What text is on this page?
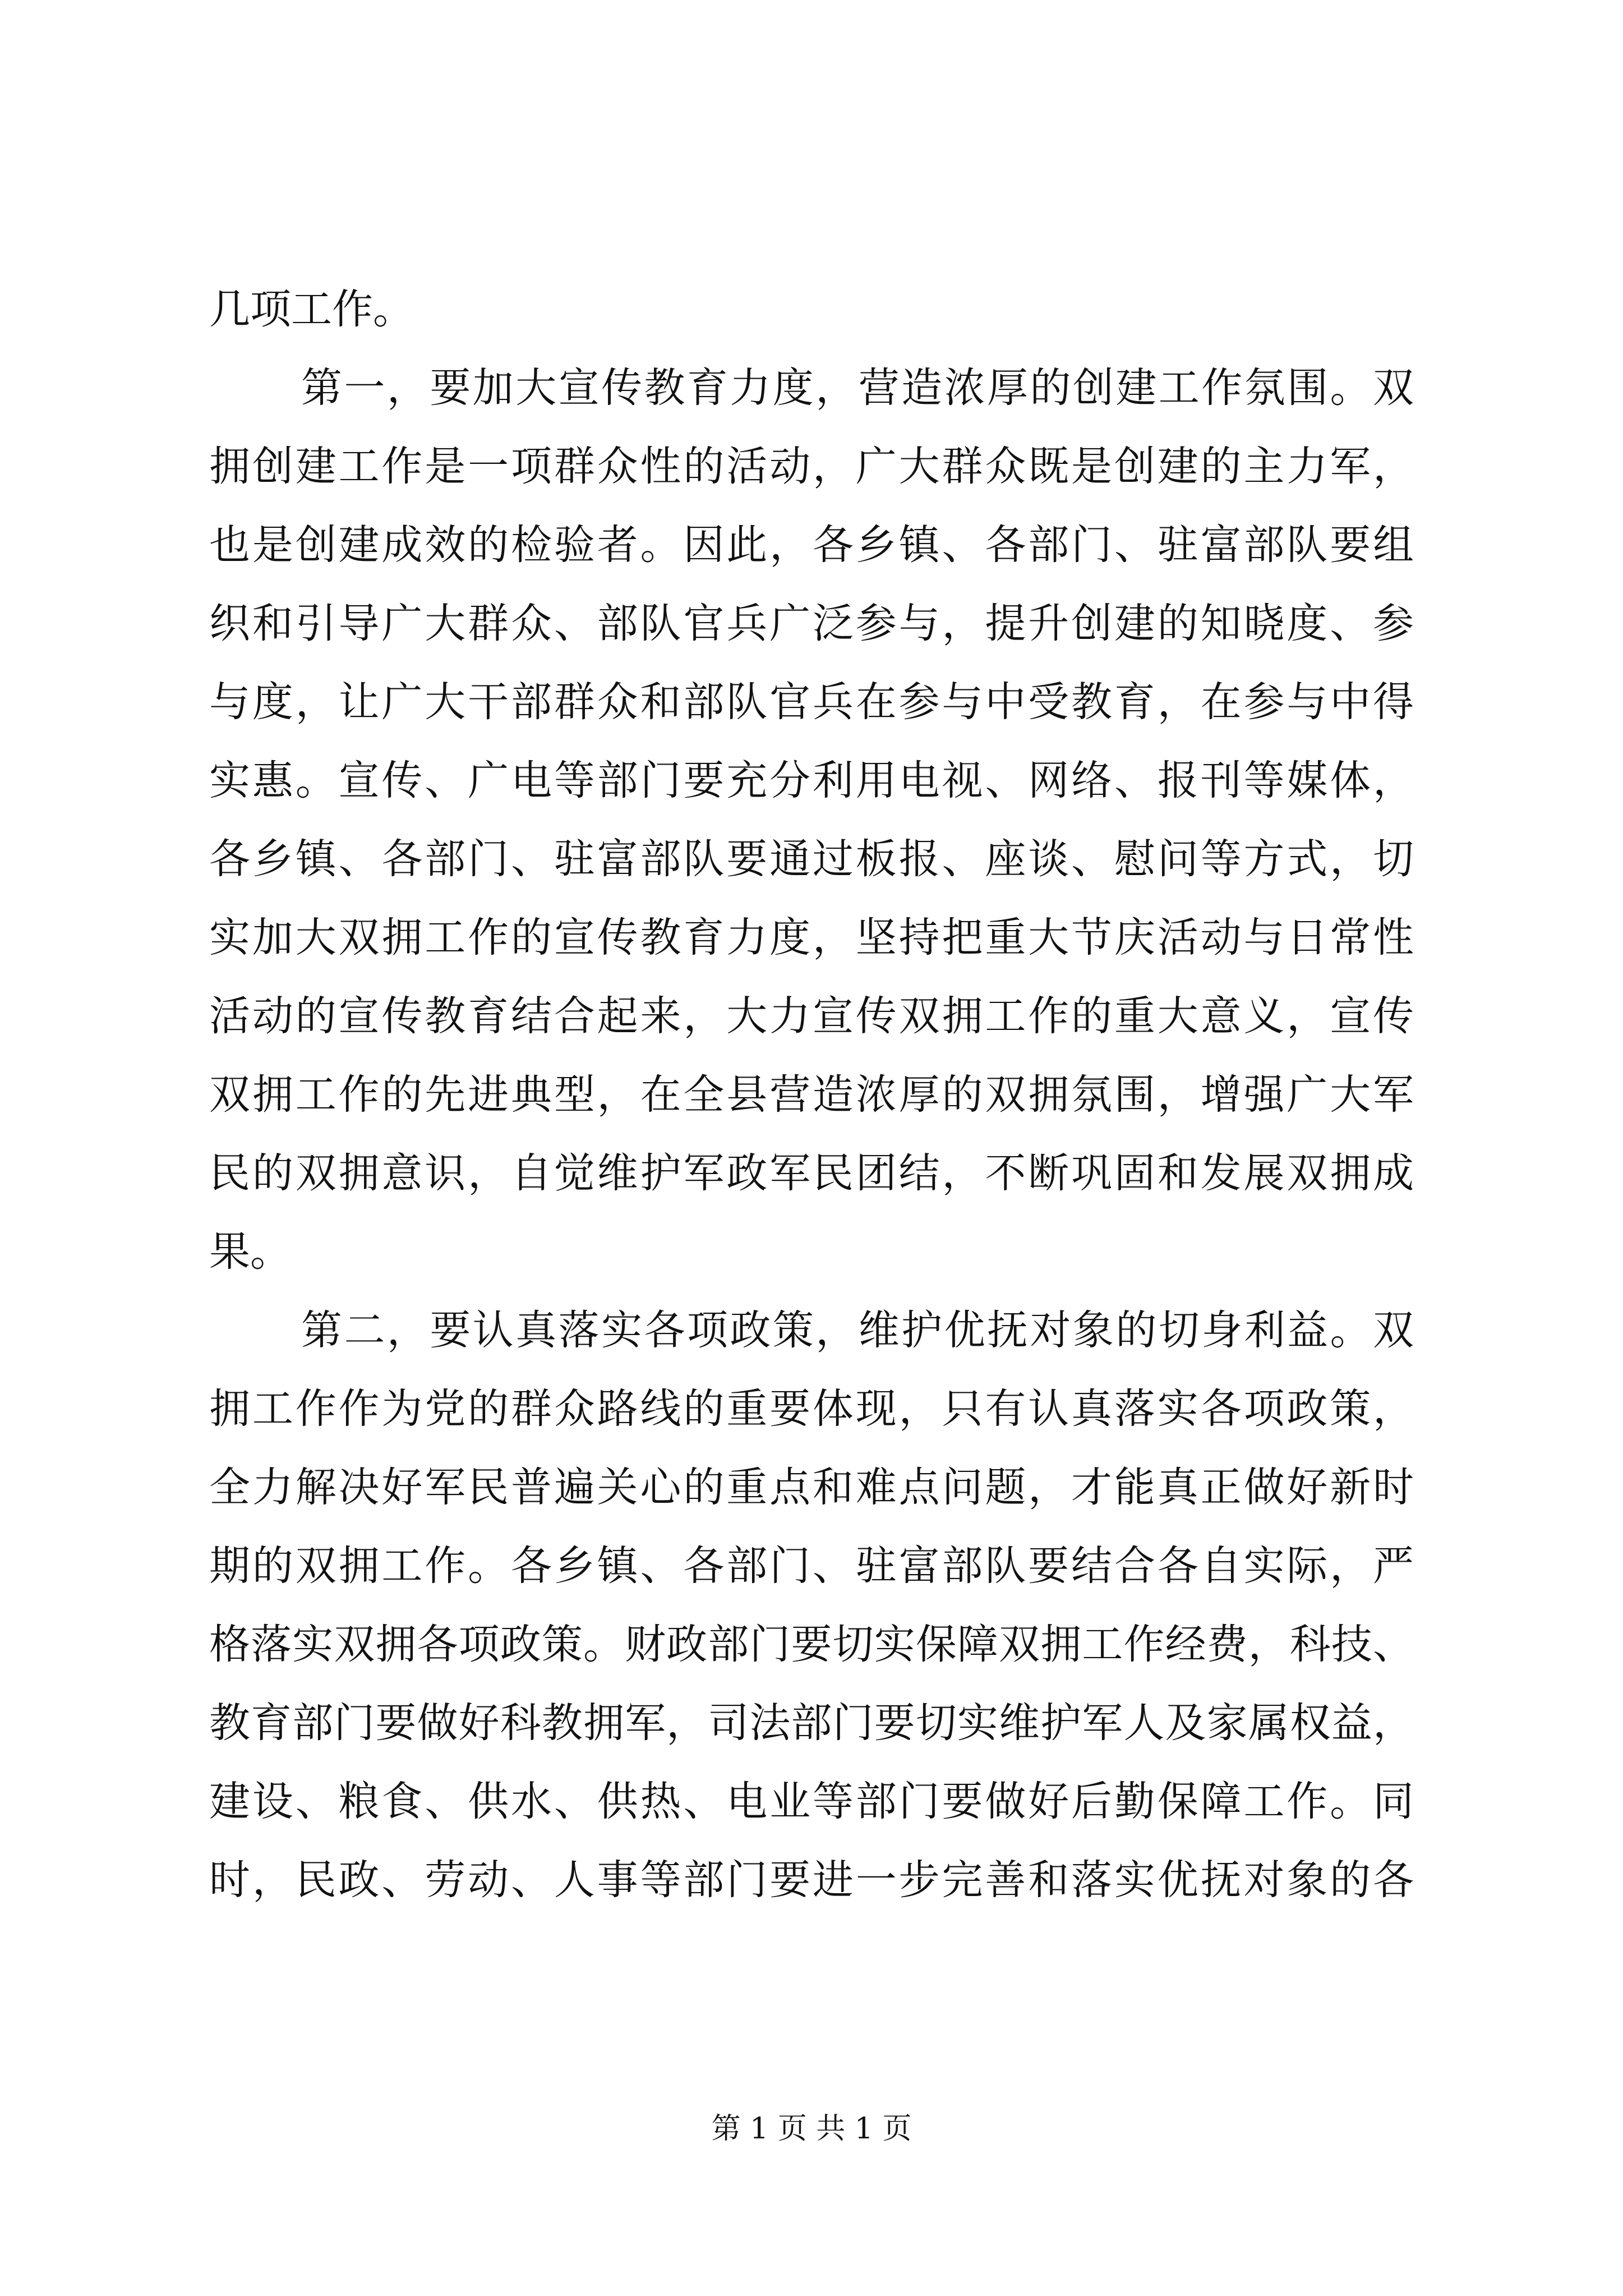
几项工作。
第一，要加大宣传教育力度，营造浓厚的创建工作氛围。双
拥创建工作是一项群众性的活动，广大群众既是创建的主力军，
也是创建成效的检验者。因此，各乡镇、各部门、驻富部队要组
织和引导广大群众、部队官兵广泛参与，提升创建的知晓度、参
与度，让广大干部群众和部队官兵在参与中受教育，在参与中得
实惠。宣传、广电等部门要充分利用电视、网络、报刊等媒体，
各乡镇、各部门、驻富部队要通过板报、座谈、慰问等方式，切
实加大双拥工作的宣传教育力度，坚持把重大节庆活动与日常性
活动的宣传教育结合起来，大力宣传双拥工作的重大意义，宣传
双拥工作的先进典型，在全县营造浓厚的双拥氛围，增强广大军
民的双拥意识，自觉维护军政军民团结，不断巩固和发展双拥成
果。
第二，要认真落实各项政策，维护优抚对象的切身利益。双
拥工作作为党的群众路线的重要体现，只有认真落实各项政策，
全力解决好军民普遍关心的重点和难点问题，才能真正做好新时
期的双拥工作。各乡镇、各部门、驻富部队要结合各自实际，严
格落实双拥各项政策。财政部门要切实保障双拥工作经费，科技、
教育部门要做好科教拥军，司法部门要切实维护军人及家属权益，
建设、粮食、供水、供热、电业等部门要做好后勤保障工作。同
时，民政、劳动、人事等部门要进一步完善和落实优抚对象的各
第 1 页 共 1 页
